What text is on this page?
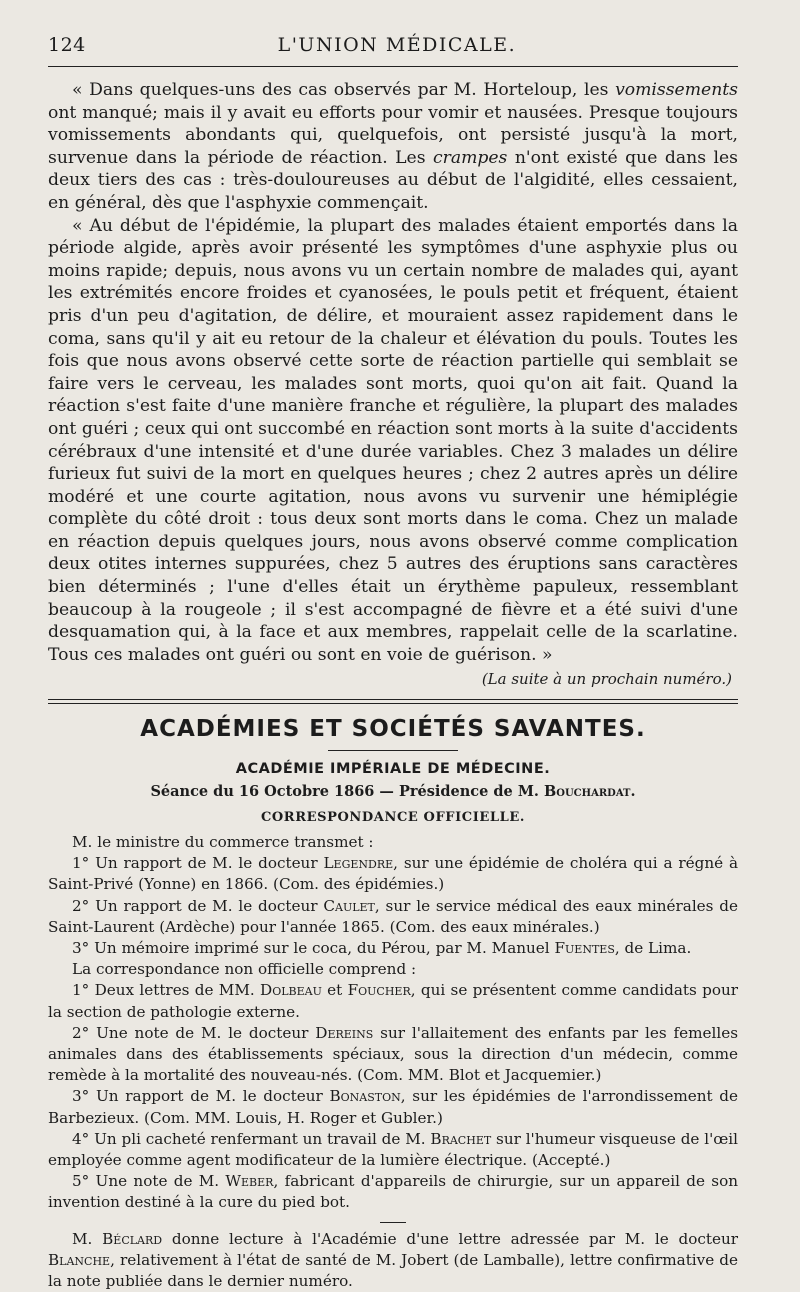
124	L'UNION MÉDICALE.

« Dans quelques-uns des cas observés par M. Horteloup, les vomissements ont manqué; mais il y avait eu efforts pour vomir et nausées. Presque toujours vomissements abondants qui, quelquefois, ont persisté jusqu'à la mort, survenue dans la période de réaction. Les crampes n'ont existé que dans les deux tiers des cas : très-douloureuses au début de l'algidité, elles cessaient, en général, dès que l'asphyxie commençait.

« Au début de l'épidémie, la plupart des malades étaient emportés dans la période algide, après avoir présenté les symptômes d'une asphyxie plus ou moins rapide; depuis, nous avons vu un certain nombre de malades qui, ayant les extrémités encore froides et cyanosées, le pouls petit et fréquent, étaient pris d'un peu d'agitation, de délire, et mouraient assez rapidement dans le coma, sans qu'il y ait eu retour de la chaleur et élévation du pouls. Toutes les fois que nous avons observé cette sorte de réaction partielle qui semblait se faire vers le cerveau, les malades sont morts, quoi qu'on ait fait. Quand la réaction s'est faite d'une manière franche et régulière, la plupart des malades ont guéri ; ceux qui ont succombé en réaction sont morts à la suite d'accidents cérébraux d'une intensité et d'une durée variables. Chez 3 malades un délire furieux fut suivi de la mort en quelques heures ; chez 2 autres après un délire modéré et une courte agitation, nous avons vu survenir une hémiplégie complète du côté droit : tous deux sont morts dans le coma. Chez un malade en réaction depuis quelques jours, nous avons observé comme complication deux otites internes suppurées, chez 5 autres des éruptions sans caractères bien déterminés ; l'une d'elles était un érythème papuleux, ressemblant beaucoup à la rougeole ; il s'est accompagné de fièvre et a été suivi d'une desquamation qui, à la face et aux membres, rappelait celle de la scarlatine. Tous ces malades ont guéri ou sont en voie de guérison. »

(La suite à un prochain numéro.)
ACADÉMIES ET SOCIÉTÉS SAVANTES.
ACADÉMIE IMPÉRIALE DE MÉDECINE.
Séance du 16 Octobre 1866 — Présidence de M. Bouchardat.
CORRESPONDANCE OFFICIELLE.

M. le ministre du commerce transmet :

1° Un rapport de M. le docteur Legendre, sur une épidémie de choléra qui a régné à Saint-Privé (Yonne) en 1866. (Com. des épidémies.)

2° Un rapport de M. le docteur Caulet, sur le service médical des eaux minérales de Saint-Laurent (Ardèche) pour l'année 1865. (Com. des eaux minérales.)

3° Un mémoire imprimé sur le coca, du Pérou, par M. Manuel Fuentes, de Lima.

La correspondance non officielle comprend :

1° Deux lettres de MM. Dolbeau et Foucher, qui se présentent comme candidats pour la section de pathologie externe.

2° Une note de M. le docteur Dereins sur l'allaitement des enfants par les femelles animales dans des établissements spéciaux, sous la direction d'un médecin, comme remède à la mortalité des nouveau-nés. (Com. MM. Blot et Jacquemier.)

3° Un rapport de M. le docteur Bonaston, sur les épidémies de l'arrondissement de Barbezieux. (Com. MM. Louis, H. Roger et Gubler.)

4° Un pli cacheté renfermant un travail de M. Brachet sur l'humeur visqueuse de l'œil employée comme agent modificateur de la lumière électrique. (Accepté.)

5° Une note de M. Weber, fabricant d'appareils de chirurgie, sur un appareil de son invention destiné à la cure du pied bot.

M. Béclard donne lecture à l'Académie d'une lettre adressée par M. le docteur Blanche, relativement à l'état de santé de M. Jobert (de Lamballe), lettre confirmative de la note publiée dans le dernier numéro.
